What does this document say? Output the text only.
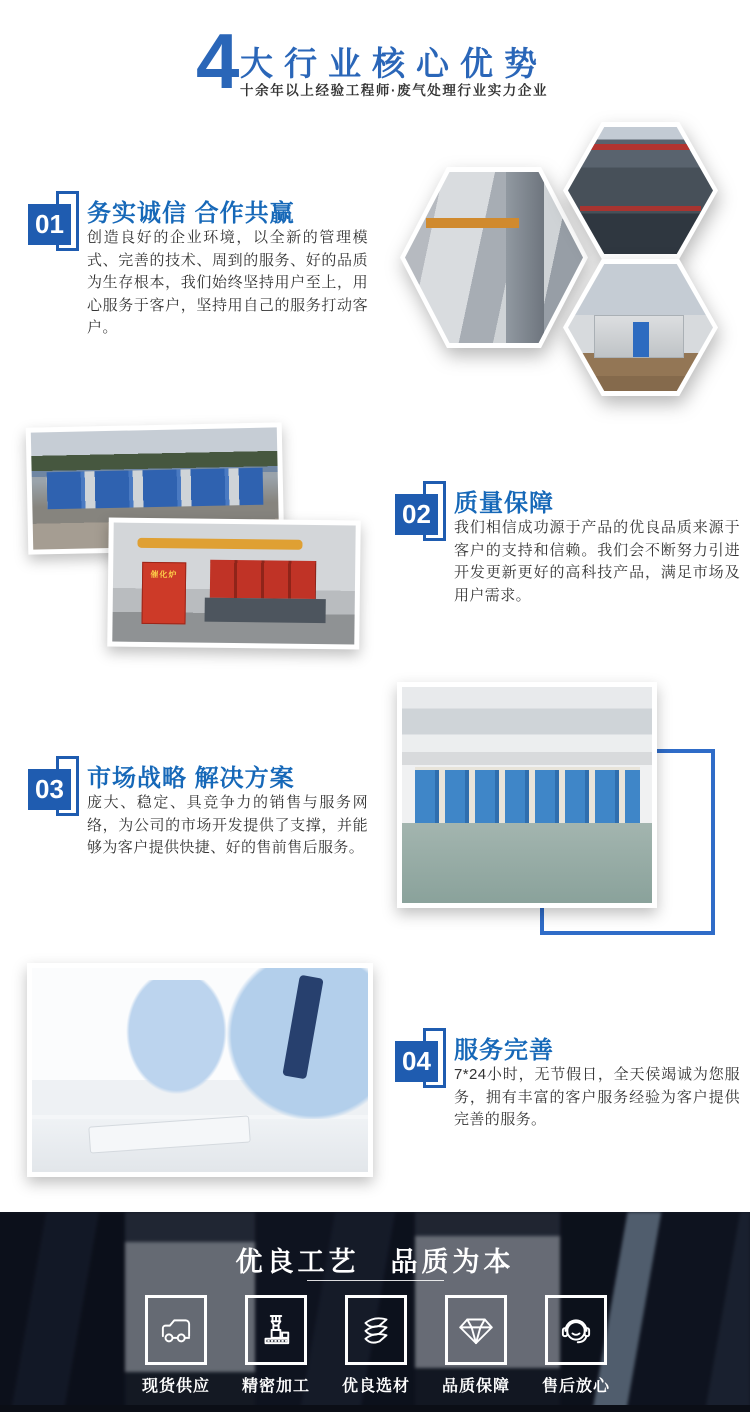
4 大行业核心优势
十余年以上经验工程师·废气处理行业实力企业
01 务实诚信 合作共赢

创造良好的企业环境，以全新的管理模式、完善的技术、周到的服务、好的品质为生存根本，我们始终坚持用户至上，用心服务于客户，坚持用自己的服务打动客户。

催化炉
02 质量保障

我们相信成功源于产品的优良品质来源于客户的支持和信赖。我们会不断努力引进开发更新更好的高科技产品，满足市场及用户需求。

03 市场战略 解决方案

庞大、稳定、具竞争力的销售与服务网络，为公司的市场开发提供了支撑，并能够为客户提供快捷、好的售前售后服务。

04 服务完善

7*24小时，无节假日，全天侯竭诚为您服务，拥有丰富的客户服务经验为客户提供完善的服务。

优良工艺　品质为本
现货供应	精密加工	优良选材	品质保障	售后放心
